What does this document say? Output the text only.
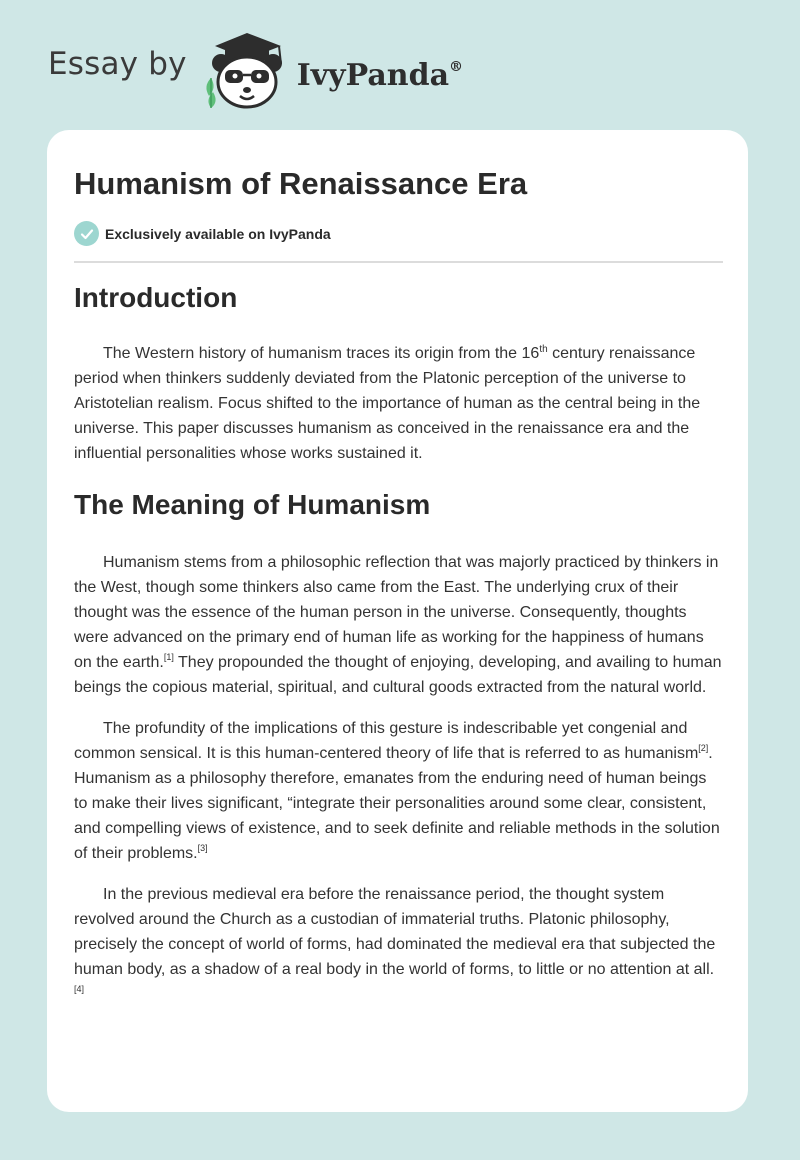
Essay by	IvyPanda®
Humanism of Renaissance Era
Exclusively available on IvyPanda
Introduction

The Western history of humanism traces its origin from the 16th century renaissance period when thinkers suddenly deviated from the Platonic perception of the universe to Aristotelian realism. Focus shifted to the importance of human as the central being in the universe. This paper discusses humanism as conceived in the renaissance era and the influential personalities whose works sustained it.

The Meaning of Humanism

Humanism stems from a philosophic reflection that was majorly practiced by thinkers in the West, though some thinkers also came from the East. The underlying crux of their thought was the essence of the human person in the universe. Consequently, thoughts were advanced on the primary end of human life as working for the happiness of humans on the earth.[1] They propounded the thought of enjoying, developing, and availing to human beings the copious material, spiritual, and cultural goods extracted from the natural world.

The profundity of the implications of this gesture is indescribable yet congenial and common sensical. It is this human-centered theory of life that is referred to as humanism[2]. Humanism as a philosophy therefore, emanates from the enduring need of human beings to make their lives significant, “integrate their personalities around some clear, consistent, and compelling views of existence, and to seek definite and reliable methods in the solution of their problems.[3]

In the previous medieval era before the renaissance period, the thought system revolved around the Church as a custodian of immaterial truths. Platonic philosophy, precisely the concept of world of forms, had dominated the medieval era that subjected the human body, as a shadow of a real body in the world of forms, to little or no attention at all.[4]
